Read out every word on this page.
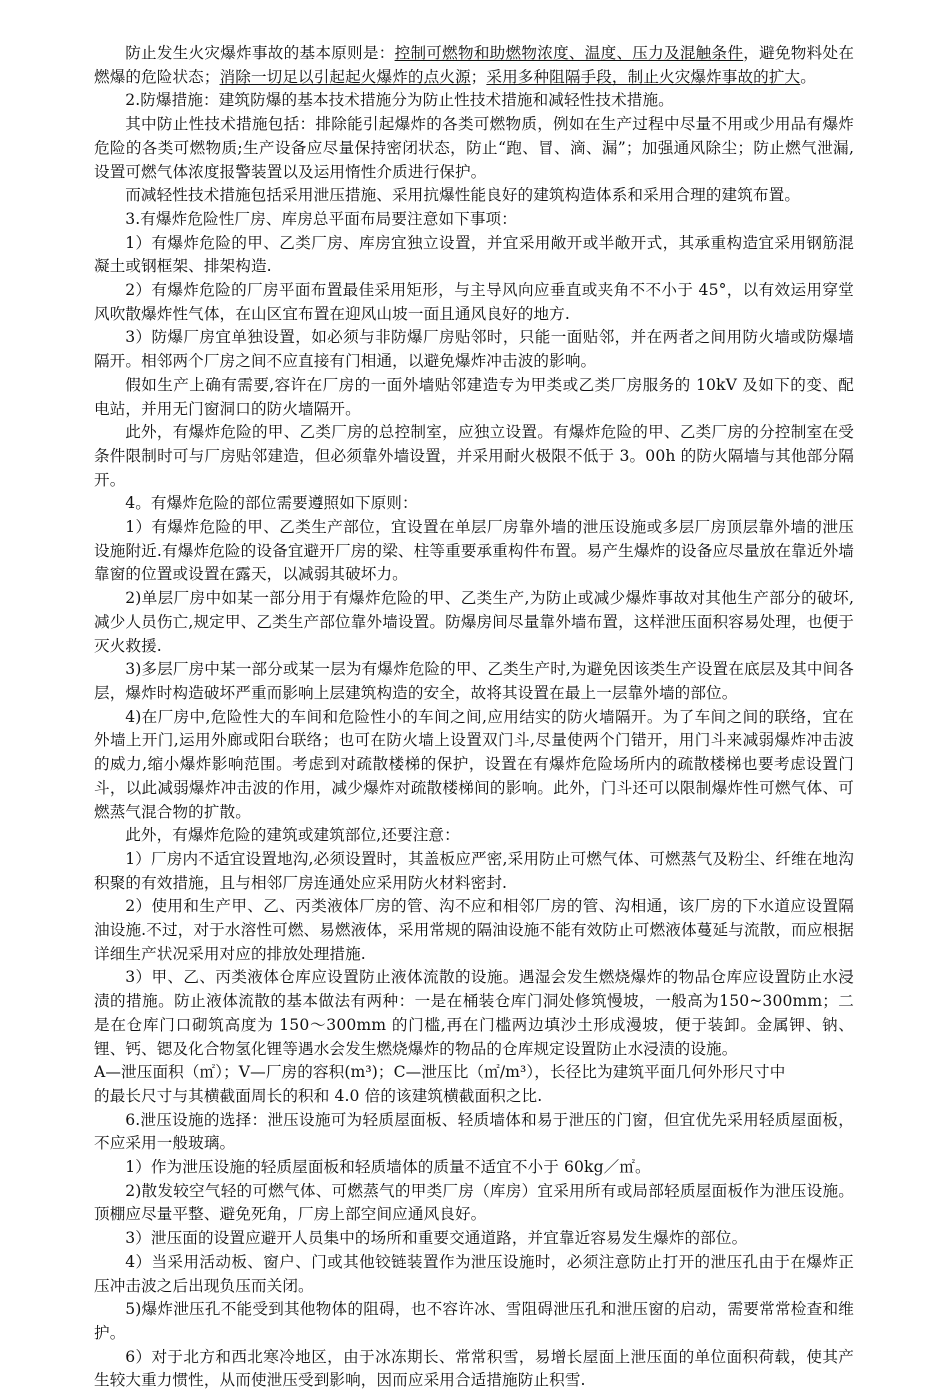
防止发生火灾爆炸事故的基本原则是：控制可燃物和助燃物浓度、温度、压力及混触条件，避免物料处在燃爆的危险状态；消除一切足以引起起火爆炸的点火源；采用多种阻隔手段，制止火灾爆炸事故的扩大。

2.防爆措施：建筑防爆的基本技术措施分为防止性技术措施和减轻性技术措施。

其中防止性技术措施包括：排除能引起爆炸的各类可燃物质，例如在生产过程中尽量不用或少用品有爆炸危险的各类可燃物质;生产设备应尽量保持密闭状态，防止“跑、冒、滴、漏”；加强通风除尘；防止燃气泄漏,设置可燃气体浓度报警装置以及运用惰性介质进行保护。

而减轻性技术措施包括采用泄压措施、采用抗爆性能良好的建筑构造体系和采用合理的建筑布置。

3.有爆炸危险性厂房、库房总平面布局要注意如下事项：

1）有爆炸危险的甲、乙类厂房、库房宜独立设置，并宜采用敞开或半敞开式，其承重构造宜采用钢筋混凝土或钢框架、排架构造.

2）有爆炸危险的厂房平面布置最佳采用矩形，与主导风向应垂直或夹角不不小于 45°，以有效运用穿堂风吹散爆炸性气体，在山区宜布置在迎风山坡一面且通风良好的地方.

3）防爆厂房宜单独设置，如必须与非防爆厂房贴邻时，只能一面贴邻，并在两者之间用防火墙或防爆墙隔开。相邻两个厂房之间不应直接有门相通，以避免爆炸冲击波的影响。

假如生产上确有需要,容许在厂房的一面外墙贴邻建造专为甲类或乙类厂房服务的 10kV 及如下的变、配电站，并用无门窗洞口的防火墙隔开。

此外，有爆炸危险的甲、乙类厂房的总控制室，应独立设置。有爆炸危险的甲、乙类厂房的分控制室在受条件限制时可与厂房贴邻建造，但必须靠外墙设置，并采用耐火极限不低于 3。00h 的防火隔墙与其他部分隔开。

4。有爆炸危险的部位需要遵照如下原则：

1）有爆炸危险的甲、乙类生产部位，宜设置在单层厂房靠外墙的泄压设施或多层厂房顶层靠外墙的泄压设施附近.有爆炸危险的设备宜避开厂房的梁、柱等重要承重构件布置。易产生爆炸的设备应尽量放在靠近外墙靠窗的位置或设置在露天，以减弱其破坏力。

2)单层厂房中如某一部分用于有爆炸危险的甲、乙类生产,为防止或减少爆炸事故对其他生产部分的破坏,减少人员伤亡,规定甲、乙类生产部位靠外墙设置。防爆房间尽量靠外墙布置，这样泄压面积容易处理，也便于灭火救援.

3)多层厂房中某一部分或某一层为有爆炸危险的甲、乙类生产时,为避免因该类生产设置在底层及其中间各层，爆炸时构造破坏严重而影响上层建筑构造的安全，故将其设置在最上一层靠外墙的部位。

4)在厂房中,危险性大的车间和危险性小的车间之间,应用结实的防火墙隔开。为了车间之间的联络，宜在外墙上开门,运用外廊或阳台联络；也可在防火墙上设置双门斗,尽量使两个门错开，用门斗来减弱爆炸冲击波的威力,缩小爆炸影响范围。考虑到对疏散楼梯的保护，设置在有爆炸危险场所内的疏散楼梯也要考虑设置门斗，以此减弱爆炸冲击波的作用，减少爆炸对疏散楼梯间的影响。此外，门斗还可以限制爆炸性可燃气体、可燃蒸气混合物的扩散。

此外，有爆炸危险的建筑或建筑部位,还要注意：

1）厂房内不适宜设置地沟,必须设置时，其盖板应严密,采用防止可燃气体、可燃蒸气及粉尘、纤维在地沟积聚的有效措施，且与相邻厂房连通处应采用防火材料密封.

2）使用和生产甲、乙、丙类液体厂房的管、沟不应和相邻厂房的管、沟相通，该厂房的下水道应设置隔油设施.不过，对于水溶性可燃、易燃液体，采用常规的隔油设施不能有效防止可燃液体蔓延与流散，而应根据详细生产状况采用对应的排放处理措施.

3）甲、乙、丙类液体仓库应设置防止液体流散的设施。遇湿会发生燃烧爆炸的物品仓库应设置防止水浸渍的措施。防止液体流散的基本做法有两种：一是在桶装仓库门洞处修筑慢坡，一般高为150~300mm；二是在仓库门口砌筑高度为 150～300mm 的门槛,再在门槛两边填沙土形成漫坡，便于装卸。金属钾、钠、锂、钙、锶及化合物氢化锂等遇水会发生燃烧爆炸的物品的仓库规定设置防止水浸渍的设施。

A—泄压面积（㎡）；V—厂房的容积(m³)；C—泄压比（㎡/m³），长径比为建筑平面几何外形尺寸中

的最长尺寸与其横截面周长的积和 4.0 倍的该建筑横截面积之比.

6.泄压设施的选择：泄压设施可为轻质屋面板、轻质墙体和易于泄压的门窗，但宜优先采用轻质屋面板，不应采用一般玻璃。

1）作为泄压设施的轻质屋面板和轻质墙体的质量不适宜不小于 60kg／㎡。

2)散发较空气轻的可燃气体、可燃蒸气的甲类厂房（库房）宜采用所有或局部轻质屋面板作为泄压设施。顶棚应尽量平整、避免死角，厂房上部空间应通风良好。

3）泄压面的设置应避开人员集中的场所和重要交通道路，并宜靠近容易发生爆炸的部位。

4）当采用活动板、窗户、门或其他铰链装置作为泄压设施时，必须注意防止打开的泄压孔由于在爆炸正压冲击波之后出现负压而关闭。

5)爆炸泄压孔不能受到其他物体的阻碍，也不容许冰、雪阻碍泄压孔和泄压窗的启动，需要常常检查和维护。

6）对于北方和西北寒冷地区，由于冰冻期长、常常积雪，易增长屋面上泄压面的单位面积荷载，使其产生较大重力惯性，从而使泄压受到影响，因而应采用合适措施防止积雪.
